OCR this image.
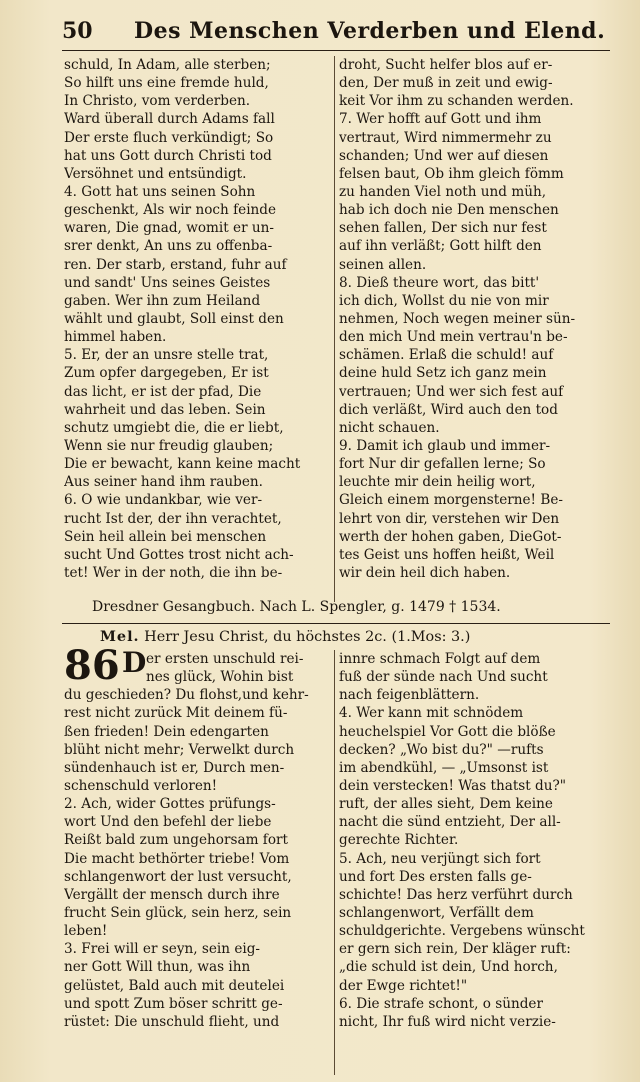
50 Des Menschen Verderben und Elend.
schuld, In Adam, alle sterben;
So hilft uns eine fremde huld,
In Christo, vom verderben.
Ward überall durch Adams fall
Der erste fluch verkündigt; So
hat uns Gott durch Christi tod
Versöhnet und entsündigt.
4. Gott hat uns seinen Sohn
geschenkt, Als wir noch feinde
waren, Die gnad, womit er un-
srer denkt, An uns zu offenba-
ren. Der starb, erstand, fuhr auf
und sandt' Uns seines Geistes
gaben. Wer ihn zum Heiland
wählt und glaubt, Soll einst den
himmel haben.
5. Er, der an unsre stelle trat,
Zum opfer dargegeben, Er ist
das licht, er ist der pfad, Die
wahrheit und das leben. Sein
schutz umgiebt die, die er liebt,
Wenn sie nur freudig glauben;
Die er bewacht, kann keine macht
Aus seiner hand ihm rauben.
6. O wie undankbar, wie ver-
rucht Ist der, der ihn verachtet,
Sein heil allein bei menschen
sucht Und Gottes trost nicht ach-
tet! Wer in der noth, die ihn be-
droht, Sucht helfer blos auf er-
den, Der muß in zeit und ewig-
keit Vor ihm zu schanden werden.
7. Wer hofft auf Gott und ihm
vertraut, Wird nimmermehr zu
schanden; Und wer auf diesen
felsen baut, Ob ihm gleich fömm
zu handen Viel noth und müh,
hab ich doch nie Den menschen
sehen fallen, Der sich nur fest
auf ihn verläßt; Gott hilft den
seinen allen.
8. Dieß theure wort, das bitt'
ich dich, Wollst du nie von mir
nehmen, Noch wegen meiner sün-
den mich Und mein vertrau'n be-
schämen. Erlaß die schuld! auf
deine huld Setz ich ganz mein
vertrauen; Und wer sich fest auf
dich verläßt, Wird auch den tod
nicht schauen.
9. Damit ich glaub und immer-
fort Nur dir gefallen lerne; So
leuchte mir dein heilig wort,
Gleich einem morgensterne! Be-
lehrt von dir, verstehen wir Den
werth der hohen gaben, DieGot-
tes Geist uns hoffen heißt, Weil
wir dein heil dich haben.
Dresdner Gesangbuch. Nach L. Spengler, g. 1479 † 1534.
Mel. Herr Jesu Christ, du höchstes 2c. (1.Mos: 3.)
86 D er ersten unschuld rei-
nes glück, Wohin bist
du geschieden? Du flohst,und kehr-
rest nicht zurück Mit deinem fü-
ßen frieden! Dein edengarten
blüht nicht mehr; Verwelkt durch
sündenhauch ist er, Durch men-
schenschuld verloren!
2. Ach, wider Gottes prüfungs-
wort Und den befehl der liebe
Reißt bald zum ungehorsam fort
Die macht bethörter triebe! Vom
schlangenwort der lust versucht,
Vergällt der mensch durch ihre
frucht Sein glück, sein herz, sein
leben!
3. Frei will er seyn, sein eig-
ner Gott Will thun, was ihn
gelüstet, Bald auch mit deutelei
und spott Zum böser schritt ge-
rüstet: Die unschuld flieht, und
innre schmach Folgt auf dem
fuß der sünde nach Und sucht
nach feigenblättern.
4. Wer kann mit schnödem
heuchelspiel Vor Gott die blöße
decken? „Wo bist du?" —rufts
im abendkühl, — „Umsonst ist
dein verstecken! Was thatst du?"
ruft, der alles sieht, Dem keine
nacht die sünd entzieht, Der all-
gerechte Richter.
5. Ach, neu verjüngt sich fort
und fort Des ersten falls ge-
schichte! Das herz verführt durch
schlangenwort, Verfällt dem
schuldgerichte. Vergebens wünscht
er gern sich rein, Der kläger ruft:
„die schuld ist dein, Und horch,
der Ewge richtet!"
6. Die strafe schont, o sünder
nicht, Ihr fuß wird nicht verzie-
